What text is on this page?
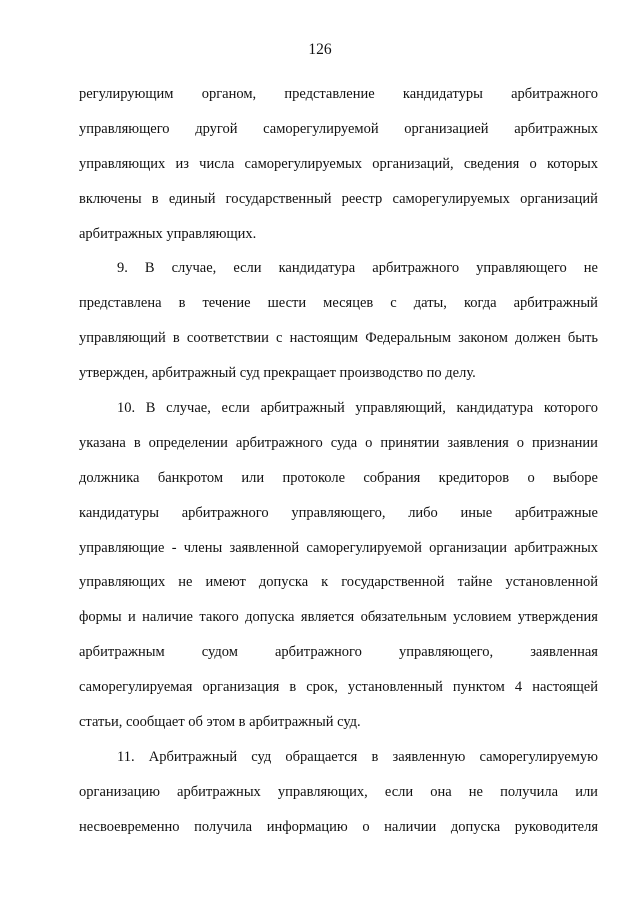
126
регулирующим органом, представление кандидатуры арбитражного
управляющего другой саморегулируемой организацией арбитражных
управляющих из числа саморегулируемых организаций, сведения о которых
включены в единый государственный реестр саморегулируемых организаций
арбитражных управляющих.
9. В случае, если кандидатура арбитражного управляющего не
представлена в течение шести месяцев с даты, когда арбитражный
управляющий в соответствии с настоящим Федеральным законом должен быть
утвержден, арбитражный суд прекращает производство по делу.
10. В случае, если арбитражный управляющий, кандидатура которого
указана в определении арбитражного суда о принятии заявления о признании
должника банкротом или протоколе собрания кредиторов о выборе
кандидатуры арбитражного управляющего, либо иные арбитражные
управляющие - члены заявленной саморегулируемой организации арбитражных
управляющих не имеют допуска к государственной тайне установленной
формы и наличие такого допуска является обязательным условием утверждения
арбитражным	судом	арбитражного	управляющего,	заявленная
саморегулируемая организация в срок, установленный пунктом 4 настоящей
статьи, сообщает об этом в арбитражный суд.
11. Арбитражный суд обращается в заявленную саморегулируемую
организацию арбитражных управляющих, если она не получила или
несвоевременно получила информацию о наличии допуска руководителя
